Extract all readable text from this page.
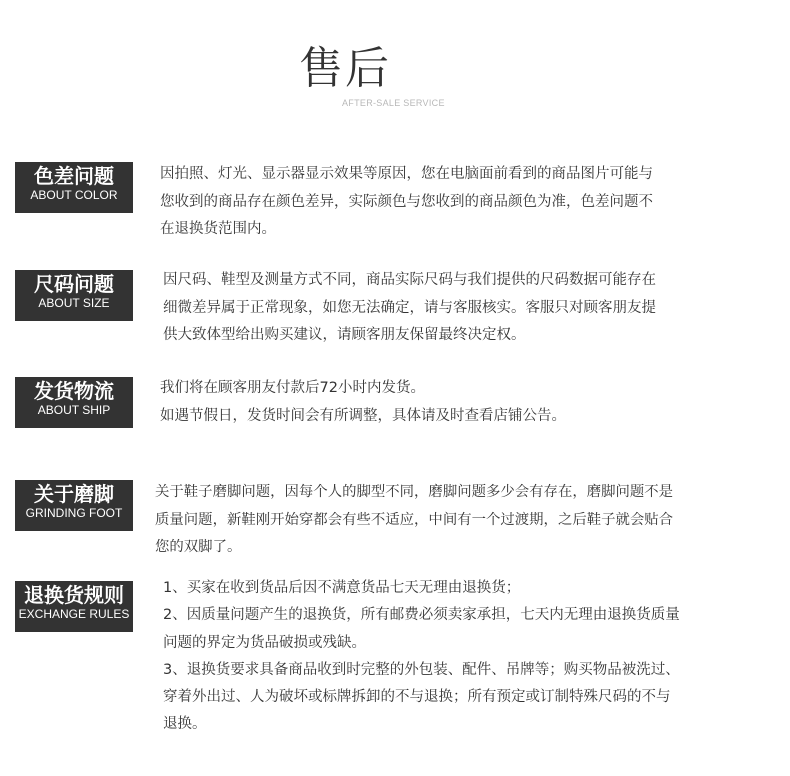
售后
AFTER-SALE SERVICE
色差问题
ABOUT COLOR
因拍照、灯光、显示器显示效果等原因，您在电脑面前看到的商品图片可能与
您收到的商品存在颜色差异，实际颜色与您收到的商品颜色为准，色差问题不
在退换货范围内。
尺码问题
ABOUT SIZE
因尺码、鞋型及测量方式不同，商品实际尺码与我们提供的尺码数据可能存在
细微差异属于正常现象，如您无法确定，请与客服核实。客服只对顾客朋友提
供大致体型给出购买建议，请顾客朋友保留最终决定权。
发货物流
ABOUT SHIP
我们将在顾客朋友付款后72小时内发货。
如遇节假日，发货时间会有所调整，具体请及时查看店铺公告。
关于磨脚
GRINDING FOOT
关于鞋子磨脚问题，因每个人的脚型不同，磨脚问题多少会有存在，磨脚问题不是
质量问题，新鞋刚开始穿都会有些不适应，中间有一个过渡期，之后鞋子就会贴合
您的双脚了。
退换货规则
EXCHANGE RULES
1、买家在收到货品后因不满意货品七天无理由退换货；
2、因质量问题产生的退换货，所有邮费必须卖家承担，七天内无理由退换货质量
问题的界定为货品破损或残缺。
3、退换货要求具备商品收到时完整的外包装、配件、吊牌等；购买物品被洗过、
穿着外出过、人为破坏或标牌拆卸的不与退换；所有预定或订制特殊尺码的不与
退换。
